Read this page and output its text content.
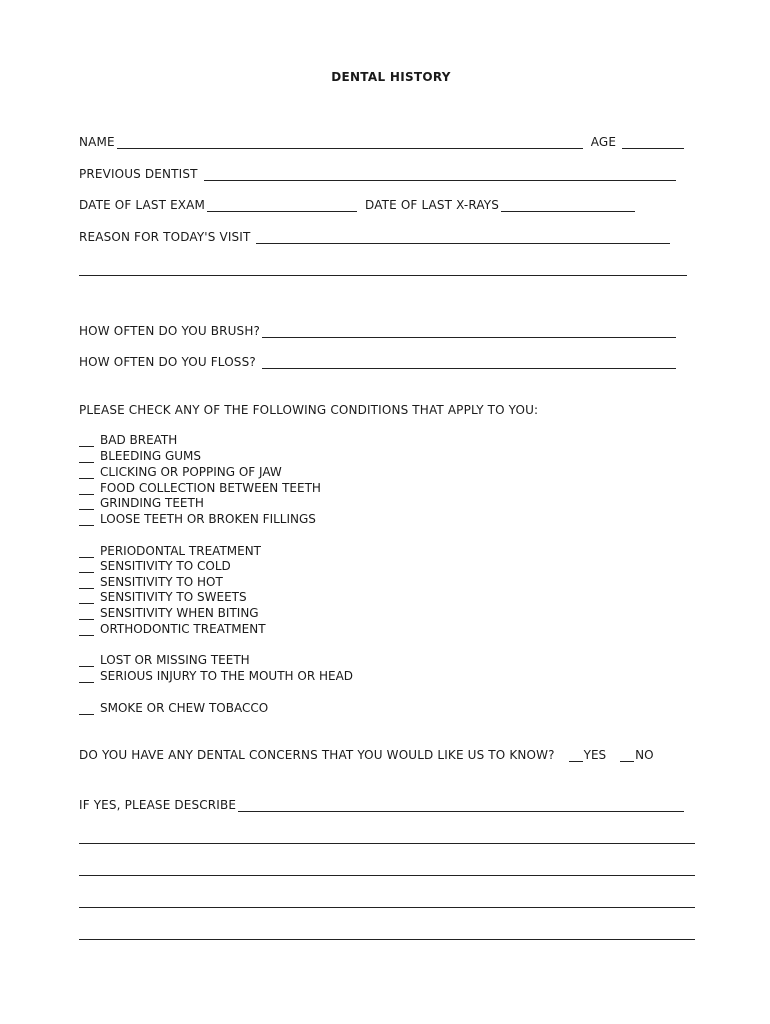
DENTAL HISTORY
NAME	AGE
PREVIOUS DENTIST
DATE OF LAST EXAM	DATE OF LAST X-RAYS
REASON FOR TODAY'S VISIT
HOW OFTEN DO YOU BRUSH?
HOW OFTEN DO YOU FLOSS?
PLEASE CHECK ANY OF THE FOLLOWING CONDITIONS THAT APPLY TO YOU:
BAD BREATH
BLEEDING GUMS
CLICKING OR POPPING OF JAW
FOOD COLLECTION BETWEEN TEETH
GRINDING TEETH
LOOSE TEETH OR BROKEN FILLINGS
PERIODONTAL TREATMENT
SENSITIVITY TO COLD
SENSITIVITY TO HOT
SENSITIVITY TO SWEETS
SENSITIVITY WHEN BITING
ORTHODONTIC TREATMENT
LOST OR MISSING TEETH
SERIOUS INJURY TO THE MOUTH OR HEAD
SMOKE OR CHEW TOBACCO
DO YOU HAVE ANY DENTAL CONCERNS THAT YOU WOULD LIKE US TO KNOW? YES NO
IF YES, PLEASE DESCRIBE
